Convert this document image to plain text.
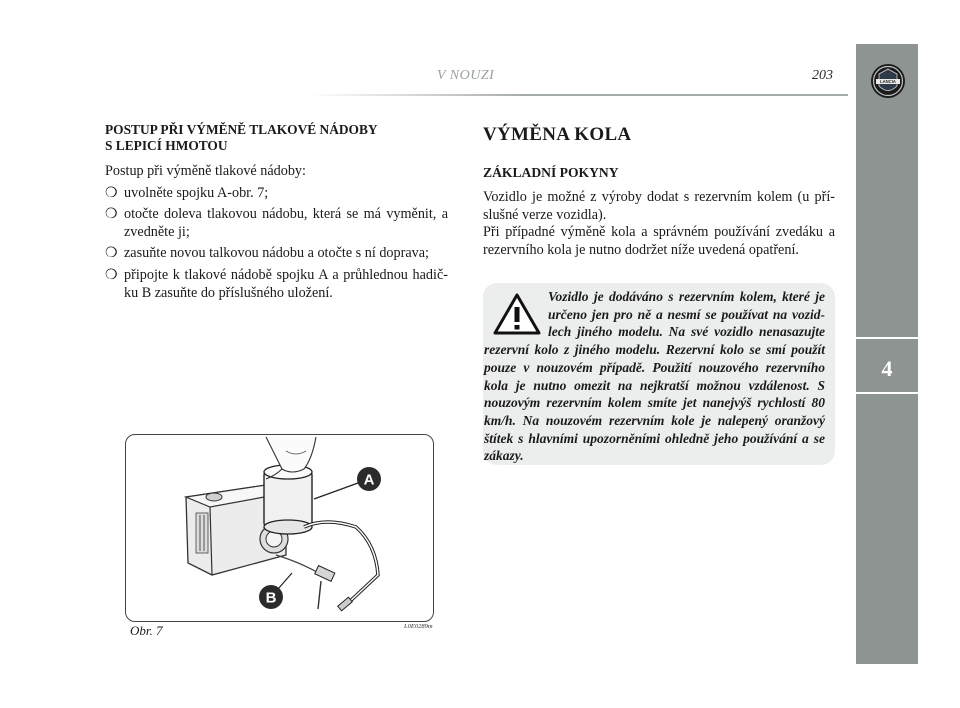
LANCIA
4
V NOUZI	203
POSTUP PŘI VÝMĚNĚ TLAKOVÉ NÁDOBY
S LEPICÍ HMOTOU

Postup při výměně tlakové nádoby:

❍ uvolněte spojku A-obr. 7;
❍ otočte doleva tlakovou nádobu, která se má vyměnit, a zvedněte ji;
❍ zasuňte novou talkovou nádobu a otočte s ní doprava;
❍ připojte k tlakové nádobě spojku A a průhlednou hadičku B zasuňte do příslušného uložení.
VÝMĚNA KOLA
ZÁKLADNÍ POKYNY

Vozidlo je možné z výroby dodat s rezervním kolem (u příslušné verze vozidla).

Při případné výměně kola a správném používání zvedáku a rezervního kola je nutno dodržet níže uvedená opatření.

Vozidlo je dodáváno s rezervním kolem, které je určeno jen pro ně a nesmí se používat na vozidlech jiného modelu. Na své vozidlo nenasazujte rezervní kolo z jiného modelu. Rezervní kolo se smí použít pouze v nouzovém případě. Použití nouzového rezervního kola je nutno omezit na nejkratší možnou vzdálenost. S nouzovým rezervním kolem smíte jet nanejvýš rychlostí 80 km/h. Na nouzovém rezervním kole je nalepený oranžový štítek s hlavními upozorněními ohledně jeho používání a se zákazy.
A
B
Obr. 7	L0E0289m
